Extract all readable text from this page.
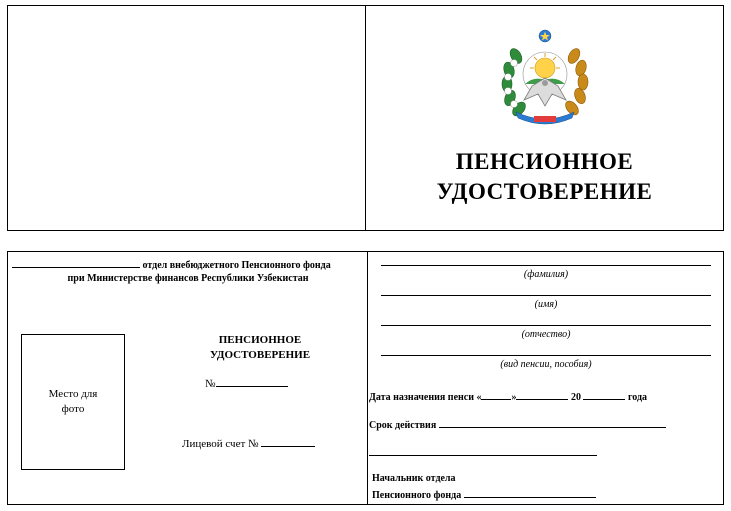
ПЕНСИОННОЕ
УДОСТОВЕРЕНИЕ
отдел внебюджетного Пенсионного фонда
при Министерстве финансов Республики Узбекистан
Место для
фото
ПЕНСИОННОЕ
УДОСТОВЕРЕНИЕ
№
Лицевой счет №
(фамилия)
(имя)
(отчество)
(вид пенсии, пособия)
Дата назначения пенси «	»	20	года
Срок действия
Начальник отдела
Пенсионного фонда
